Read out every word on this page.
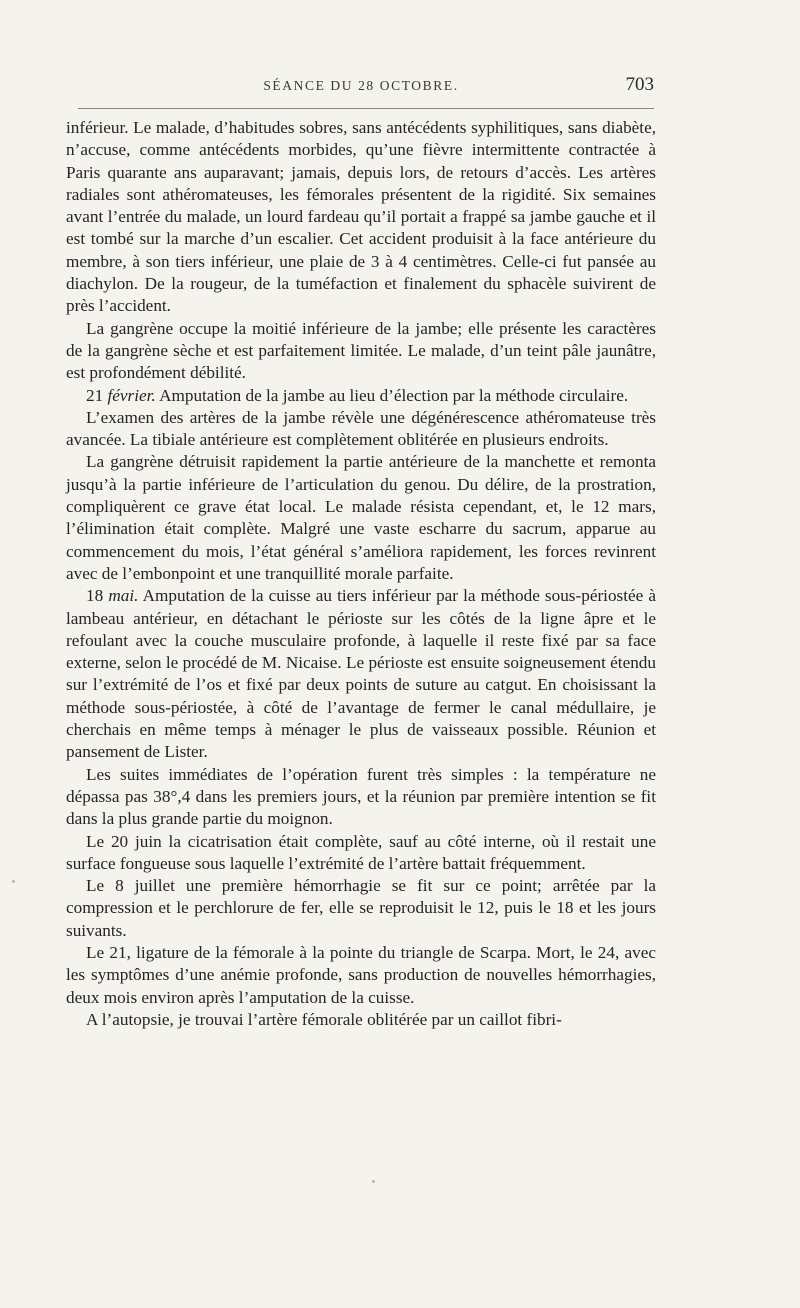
SÉANCE DU 28 OCTOBRE.	703

inférieur. Le malade, d’habitudes sobres, sans antécédents syphilitiques, sans diabète, n’accuse, comme antécédents morbides, qu’une fièvre intermittente contractée à Paris quarante ans auparavant; jamais, depuis lors, de retours d’accès. Les artères radiales sont athéromateuses, les fémorales présentent de la rigidité. Six semaines avant l’entrée du malade, un lourd fardeau qu’il portait a frappé sa jambe gauche et il est tombé sur la marche d’un escalier. Cet accident produisit à la face antérieure du membre, à son tiers inférieur, une plaie de 3 à 4 centimètres. Celle-ci fut pansée au diachylon. De la rougeur, de la tuméfaction et finalement du sphacèle suivirent de près l’accident.

La gangrène occupe la moitié inférieure de la jambe; elle présente les caractères de la gangrène sèche et est parfaitement limitée. Le malade, d’un teint pâle jaunâtre, est profondément débilité.

21 février. Amputation de la jambe au lieu d’élection par la méthode circulaire.

L’examen des artères de la jambe révèle une dégénérescence athéromateuse très avancée. La tibiale antérieure est complètement oblitérée en plusieurs endroits.

La gangrène détruisit rapidement la partie antérieure de la manchette et remonta jusqu’à la partie inférieure de l’articulation du genou. Du délire, de la prostration, compliquèrent ce grave état local. Le malade résista cependant, et, le 12 mars, l’élimination était complète. Malgré une vaste escharre du sacrum, apparue au commencement du mois, l’état général s’améliora rapidement, les forces revinrent avec de l’embonpoint et une tranquillité morale parfaite.

18 mai. Amputation de la cuisse au tiers inférieur par la méthode sous-périostée à lambeau antérieur, en détachant le périoste sur les côtés de la ligne âpre et le refoulant avec la couche musculaire profonde, à laquelle il reste fixé par sa face externe, selon le procédé de M. Nicaise. Le périoste est ensuite soigneusement étendu sur l’extrémité de l’os et fixé par deux points de suture au catgut. En choisissant la méthode sous-périostée, à côté de l’avantage de fermer le canal médullaire, je cherchais en même temps à ménager le plus de vaisseaux possible. Réunion et pansement de Lister.

Les suites immédiates de l’opération furent très simples : la température ne dépassa pas 38°,4 dans les premiers jours, et la réunion par première intention se fit dans la plus grande partie du moignon.

Le 20 juin la cicatrisation était complète, sauf au côté interne, où il restait une surface fongueuse sous laquelle l’extrémité de l’artère battait fréquemment.

Le 8 juillet une première hémorrhagie se fit sur ce point; arrêtée par la compression et le perchlorure de fer, elle se reproduisit le 12, puis le 18 et les jours suivants.

Le 21, ligature de la fémorale à la pointe du triangle de Scarpa. Mort, le 24, avec les symptômes d’une anémie profonde, sans production de nouvelles hémorrhagies, deux mois environ après l’amputation de la cuisse.

A l’autopsie, je trouvai l’artère fémorale oblitérée par un caillot fibri-
